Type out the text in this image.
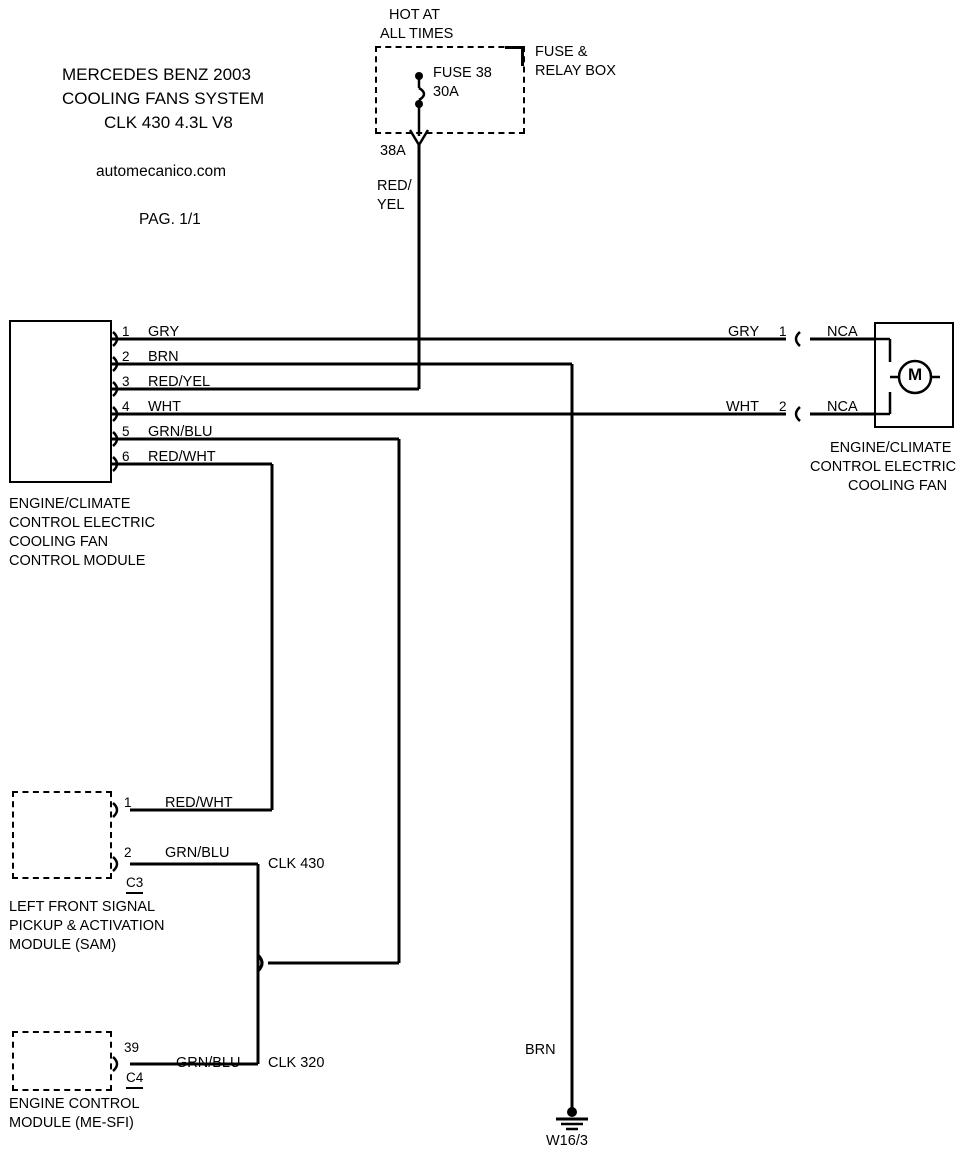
MERCEDES BENZ 2003
COOLING FANS SYSTEM
CLK 430 4.3L V8
automecanico.com
PAG. 1/1
HOT AT
ALL TIMES
FUSE &
RELAY BOX
FUSE 38
30A
38A
RED/
YEL
ENGINE/CLIMATE
CONTROL ELECTRIC
COOLING FAN
CONTROL MODULE
1
2
3
4
5
6
GRY
BRN
RED/YEL
WHT
GRN/BLU
RED/WHT
ENGINE/CLIMATE
CONTROL ELECTRIC
COOLING FAN
GRY 1	NCA
WHT 2	NCA
M
1 RED/WHT
2 GRN/BLU
CLK 430
C3
LEFT FRONT SIGNAL
PICKUP & ACTIVATION
MODULE (SAM)
39
GRN/BLU CLK 320
C4
ENGINE CONTROL
MODULE (ME-SFI)
BRN
W16/3
